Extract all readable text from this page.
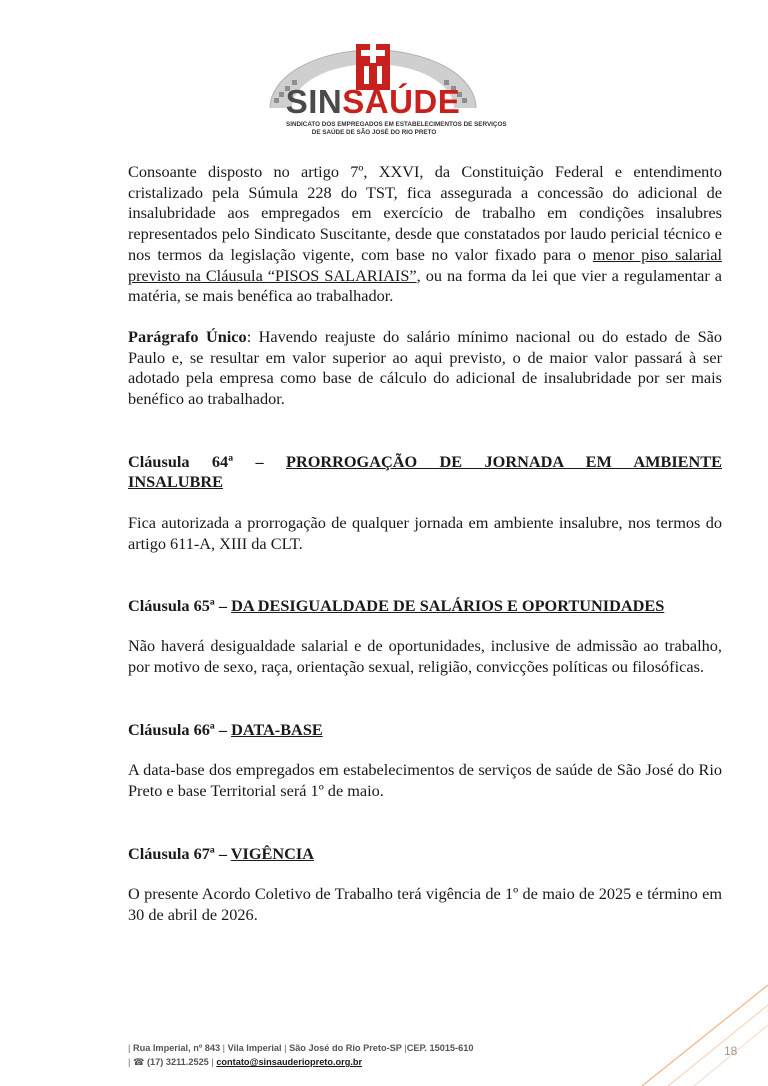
SINSAÚDE
SINDICATO DOS EMPREGADOS EM ESTABELECIMENTOS DE SERVIÇOS
DE SAÚDE DE SÃO JOSÉ DO RIO PRETO

Consoante disposto no artigo 7º, XXVI, da Constituição Federal e entendimento cristalizado pela Súmula 228 do TST, fica assegurada a concessão do adicional de insalubridade aos empregados em exercício de trabalho em condições insalubres representados pelo Sindicato Suscitante, desde que constatados por laudo pericial técnico e nos termos da legislação vigente, com base no valor fixado para o menor piso salarial previsto na Cláusula “PISOS SALARIAIS”, ou na forma da lei que vier a regulamentar a matéria, se mais benéfica ao trabalhador.

Parágrafo Único: Havendo reajuste do salário mínimo nacional ou do estado de São Paulo e, se resultar em valor superior ao aqui previsto, o de maior valor passará à ser adotado pela empresa como base de cálculo do adicional de insalubridade por ser mais benéfico ao trabalhador.

Cláusula 64ª – PRORROGAÇÃO DE JORNADA EM AMBIENTE
INSALUBRE

Fica autorizada a prorrogação de qualquer jornada em ambiente insalubre, nos termos do artigo 611-A, XIII da CLT.

Cláusula 65ª – DA DESIGUALDADE DE SALÁRIOS E OPORTUNIDADES

Não haverá desigualdade salarial e de oportunidades, inclusive de admissão ao trabalho, por motivo de sexo, raça, orientação sexual, religião, convicções políticas ou filosóficas.

Cláusula 66ª – DATA-BASE

A data-base dos empregados em estabelecimentos de serviços de saúde de São José do Rio Preto e base Territorial será 1º de maio.

Cláusula 67ª – VIGÊNCIA

O presente Acordo Coletivo de Trabalho terá vigência de 1º de maio de 2025 e término em 30 de abril de 2026.

| Rua Imperial, nº 843 | Vila Imperial | São José do Rio Preto-SP |CEP. 15015-610
| ☎ (17) 3211.2525 | contato@sinsauderiopreto.org.br
18
